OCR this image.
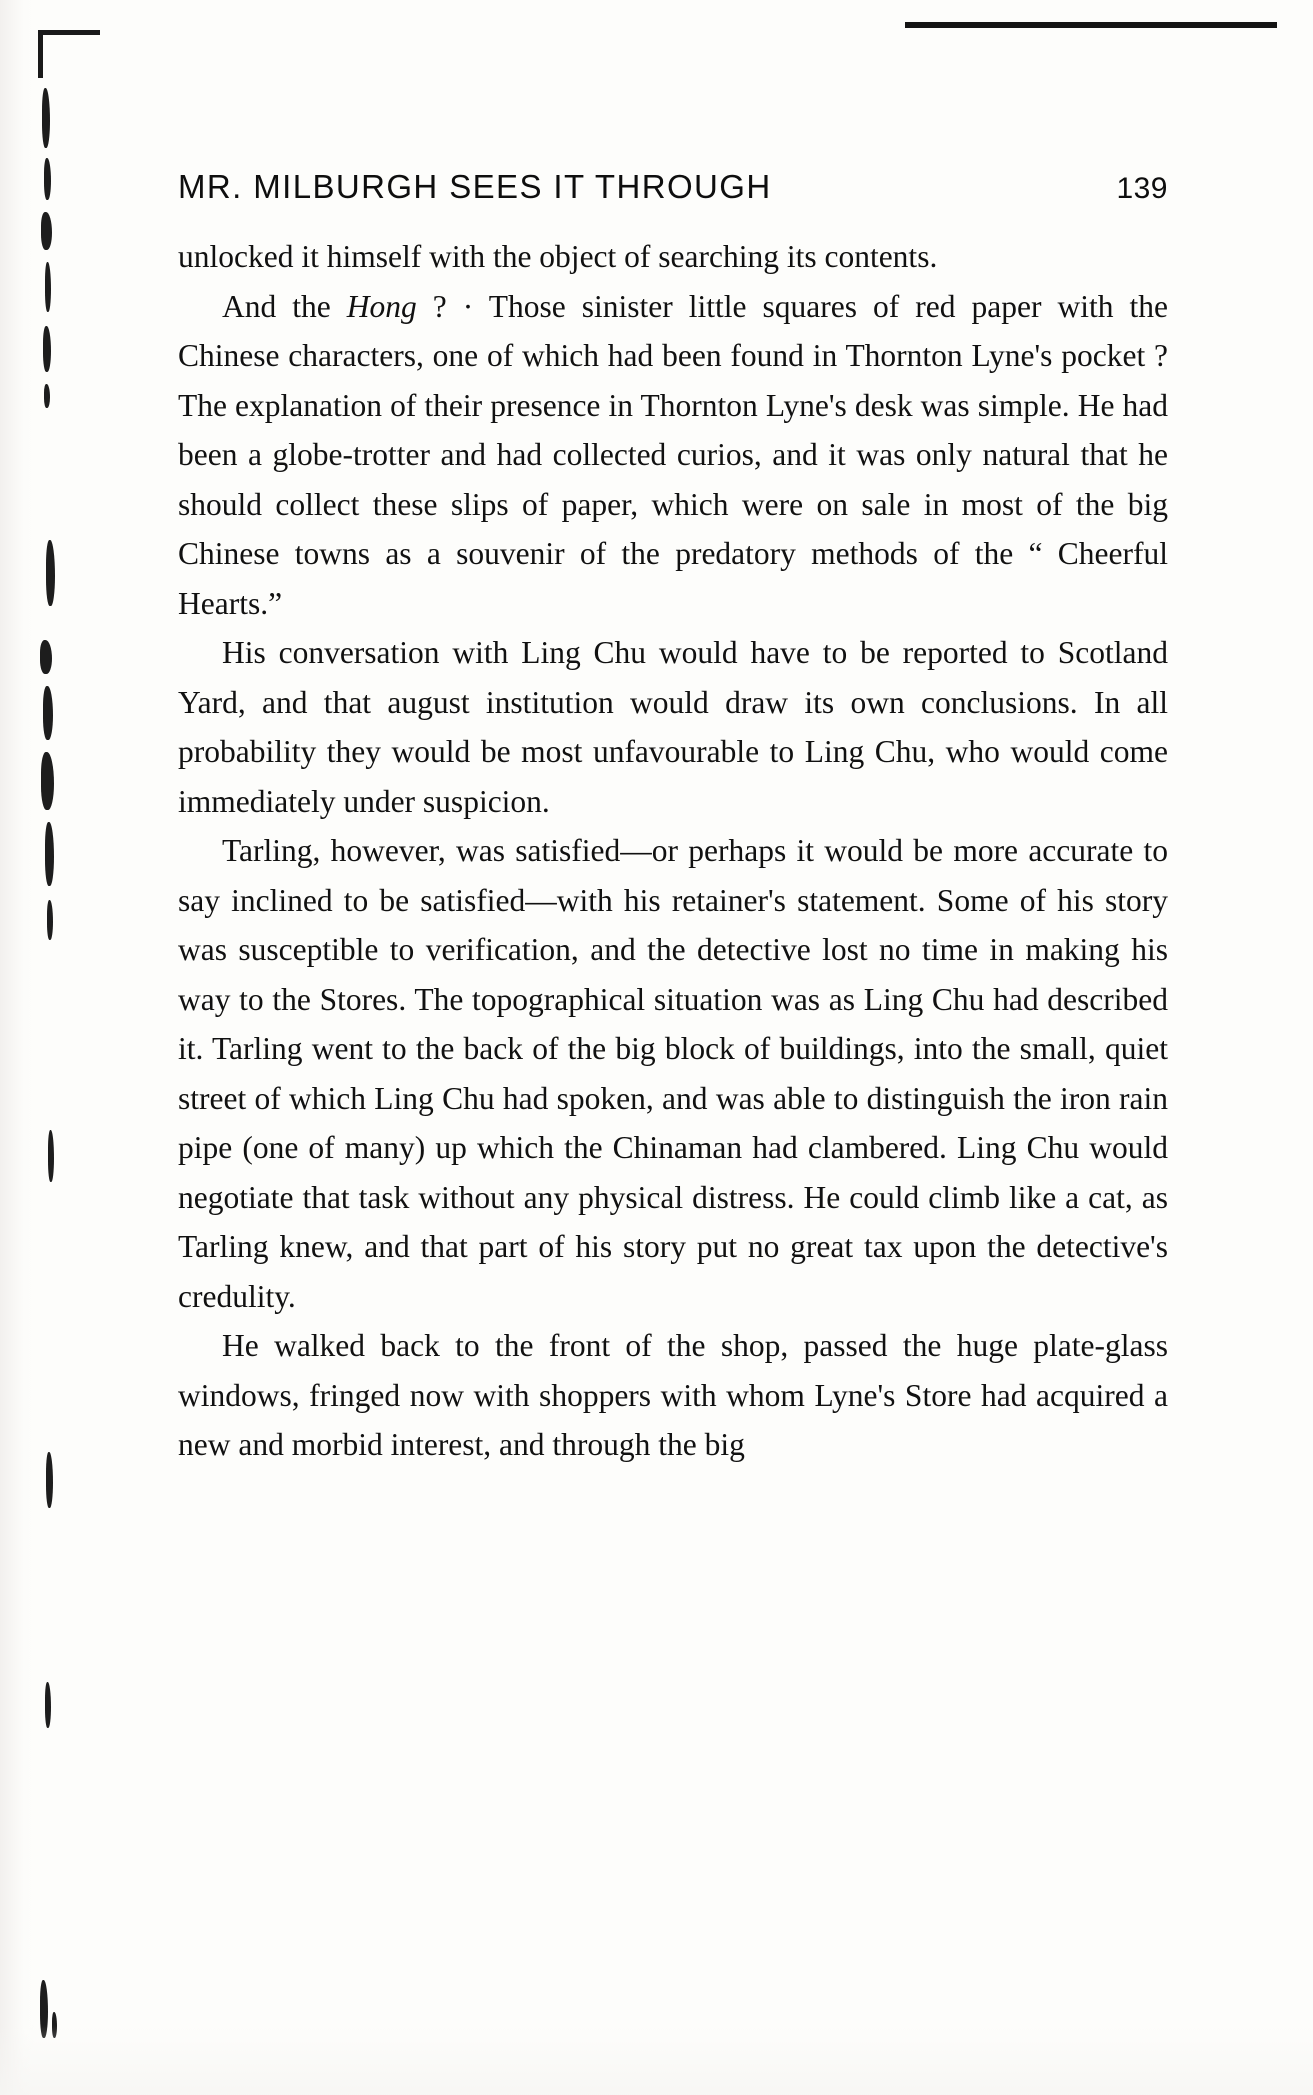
MR. MILBURGH SEES IT THROUGH	139

unlocked it himself with the object of searching its contents.

And the Hong ? · Those sinister little squares of red paper with the Chinese characters, one of which had been found in Thornton Lyne's pocket ? The explanation of their presence in Thornton Lyne's desk was simple. He had been a globe-trotter and had collected curios, and it was only natural that he should collect these slips of paper, which were on sale in most of the big Chinese towns as a souvenir of the predatory methods of the “ Cheerful Hearts.”

His conversation with Ling Chu would have to be reported to Scotland Yard, and that august institution would draw its own conclusions. In all probability they would be most unfavourable to Ling Chu, who would come immediately under suspicion.

Tarling, however, was satisfied—or perhaps it would be more accurate to say inclined to be satisfied—with his retainer's statement. Some of his story was susceptible to verification, and the detective lost no time in making his way to the Stores. The topographical situation was as Ling Chu had described it. Tarling went to the back of the big block of buildings, into the small, quiet street of which Ling Chu had spoken, and was able to distinguish the iron rain pipe (one of many) up which the Chinaman had clambered. Ling Chu would negotiate that task without any physical distress. He could climb like a cat, as Tarling knew, and that part of his story put no great tax upon the detective's credulity.

He walked back to the front of the shop, passed the huge plate-glass windows, fringed now with shoppers with whom Lyne's Store had acquired a new and morbid interest, and through the big
